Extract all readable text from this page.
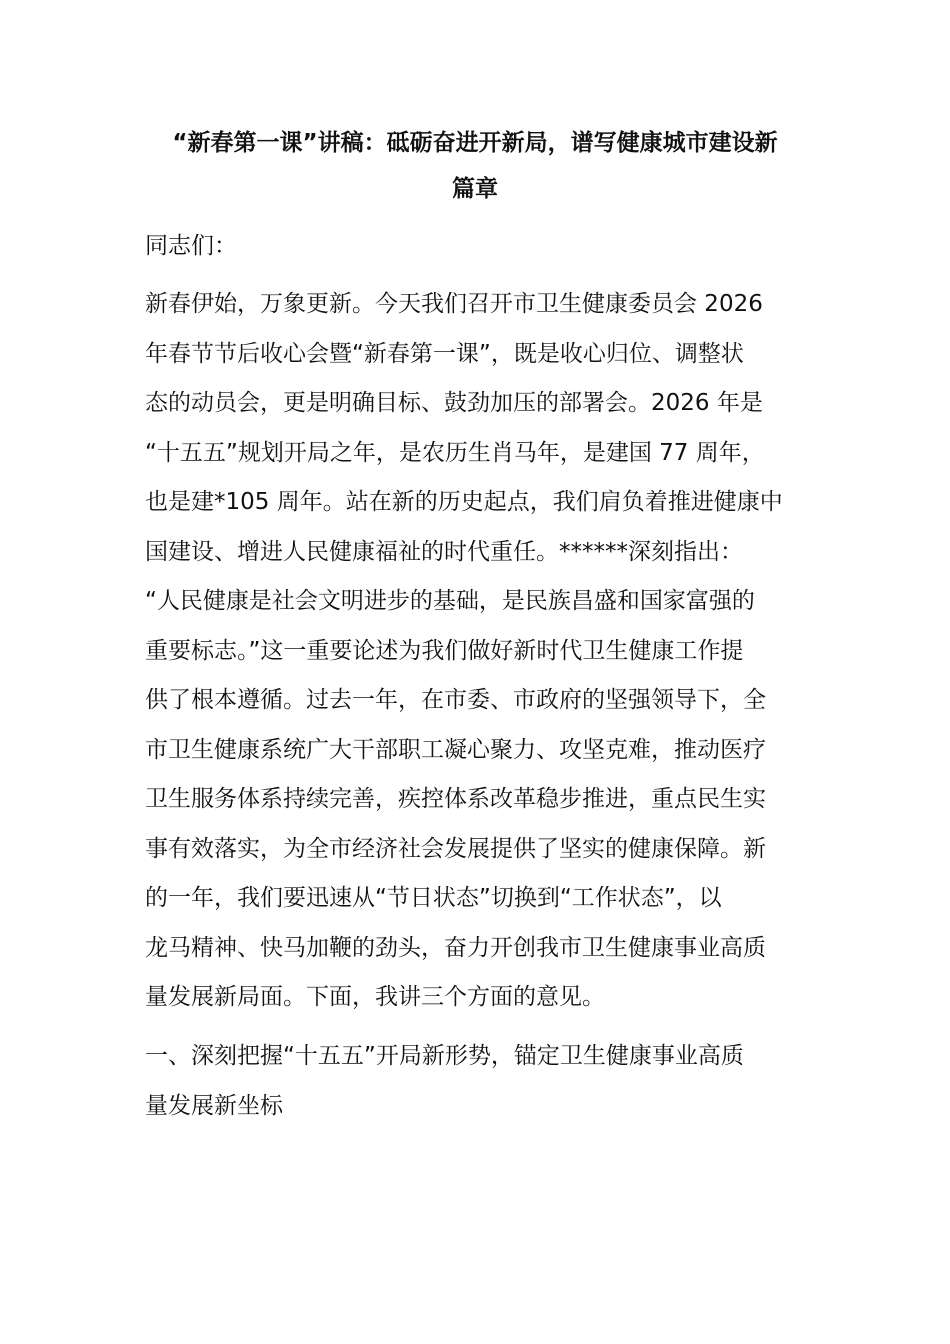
“新春第一课”讲稿：砥砺奋进开新局，谱写健康城市建设新
篇章

同志们：

新春伊始，万象更新。今天我们召开市卫生健康委员会 2026
年春节节后收心会暨“新春第一课”，既是收心归位、调整状
态的动员会，更是明确目标、鼓劲加压的部署会。2026 年是
“十五五”规划开局之年，是农历生肖马年，是建国 77 周年，
也是建*105 周年。站在新的历史起点，我们肩负着推进健康中
国建设、增进人民健康福祉的时代重任。******深刻指出：
“人民健康是社会文明进步的基础，是民族昌盛和国家富强的
重要标志。”这一重要论述为我们做好新时代卫生健康工作提
供了根本遵循。过去一年，在市委、市政府的坚强领导下，全
市卫生健康系统广大干部职工凝心聚力、攻坚克难，推动医疗
卫生服务体系持续完善，疾控体系改革稳步推进，重点民生实
事有效落实，为全市经济社会发展提供了坚实的健康保障。新
的一年，我们要迅速从“节日状态”切换到“工作状态”，以
龙马精神、快马加鞭的劲头，奋力开创我市卫生健康事业高质
量发展新局面。下面，我讲三个方面的意见。

一、深刻把握“十五五”开局新形势，锚定卫生健康事业高质
量发展新坐标
